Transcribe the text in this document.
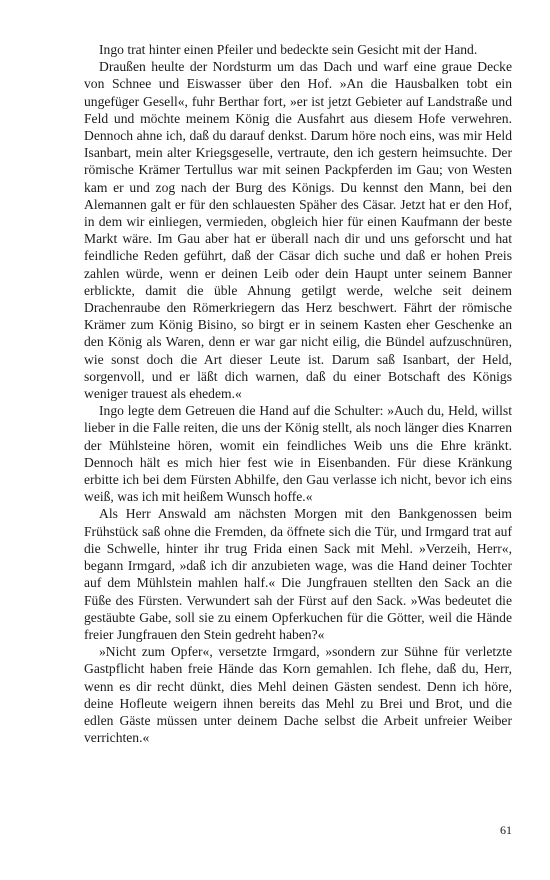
Ingo trat hinter einen Pfeiler und bedeckte sein Gesicht mit der Hand.

Draußen heulte der Nordsturm um das Dach und warf eine graue Decke von Schnee und Eiswasser über den Hof. »An die Hausbalken tobt ein ungefüger Gesell«, fuhr Berthar fort, »er ist jetzt Gebieter auf Landstraße und Feld und möchte meinem König die Ausfahrt aus diesem Hofe verwehren. Dennoch ahne ich, daß du darauf denkst. Darum höre noch eins, was mir Held Isanbart, mein alter Kriegsgeselle, vertraute, den ich gestern heimsuchte. Der römische Krämer Tertullus war mit seinen Packpferden im Gau; von Westen kam er und zog nach der Burg des Königs. Du kennst den Mann, bei den Alemannen galt er für den schlauesten Späher des Cäsar. Jetzt hat er den Hof, in dem wir einliegen, vermieden, obgleich hier für einen Kaufmann der beste Markt wäre. Im Gau aber hat er überall nach dir und uns geforscht und hat feindliche Reden geführt, daß der Cäsar dich suche und daß er hohen Preis zahlen würde, wenn er deinen Leib oder dein Haupt unter seinem Banner erblickte, damit die üble Ahnung getilgt werde, welche seit deinem Drachenraube den Römerkriegern das Herz beschwert. Fährt der römische Krämer zum König Bisino, so birgt er in seinem Kasten eher Geschenke an den König als Waren, denn er war gar nicht eilig, die Bündel aufzuschnüren, wie sonst doch die Art dieser Leute ist. Darum saß Isanbart, der Held, sorgenvoll, und er läßt dich warnen, daß du einer Botschaft des Königs weniger trauest als ehedem.«

Ingo legte dem Getreuen die Hand auf die Schulter: »Auch du, Held, willst lieber in die Falle reiten, die uns der König stellt, als noch länger dies Knarren der Mühlsteine hören, womit ein feindliches Weib uns die Ehre kränkt. Dennoch hält es mich hier fest wie in Eisenbanden. Für diese Kränkung erbitte ich bei dem Fürsten Abhilfe, den Gau verlasse ich nicht, bevor ich eins weiß, was ich mit heißem Wunsch hoffe.«

Als Herr Answald am nächsten Morgen mit den Bankgenossen beim Frühstück saß ohne die Fremden, da öffnete sich die Tür, und Irmgard trat auf die Schwelle, hinter ihr trug Frida einen Sack mit Mehl. »Verzeih, Herr«, begann Irmgard, »daß ich dir anzubieten wage, was die Hand deiner Tochter auf dem Mühlstein mahlen half.« Die Jungfrauen stellten den Sack an die Füße des Fürsten. Verwundert sah der Fürst auf den Sack. »Was bedeutet die gestäubte Gabe, soll sie zu einem Opferkuchen für die Götter, weil die Hände freier Jungfrauen den Stein gedreht haben?«

»Nicht zum Opfer«, versetzte Irmgard, »sondern zur Sühne für verletzte Gastpflicht haben freie Hände das Korn gemahlen. Ich flehe, daß du, Herr, wenn es dir recht dünkt, dies Mehl deinen Gästen sendest. Denn ich höre, deine Hofleute weigern ihnen bereits das Mehl zu Brei und Brot, und die edlen Gäste müssen unter deinem Dache selbst die Arbeit unfreier Weiber verrichten.«

61
